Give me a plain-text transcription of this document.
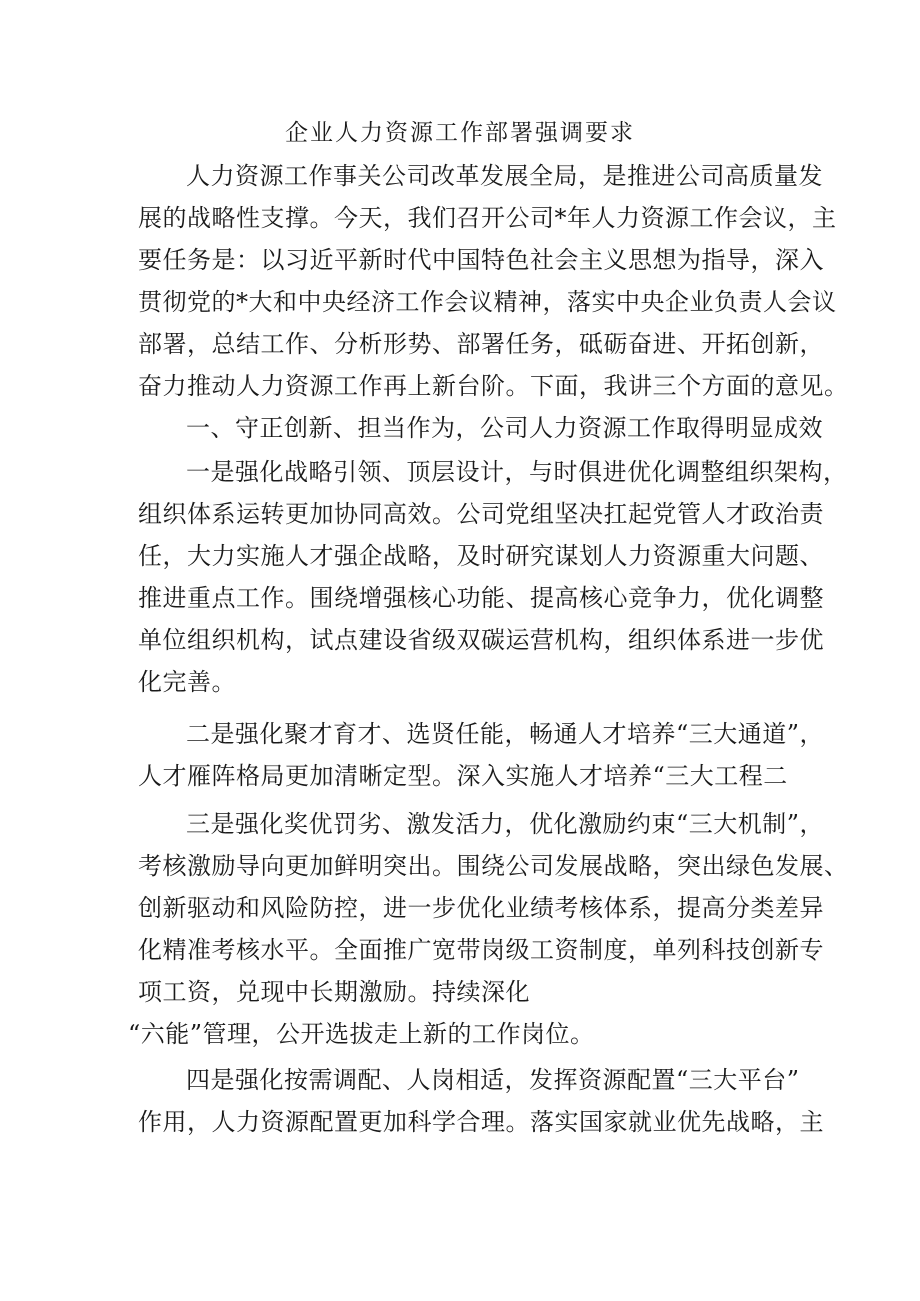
企业人力资源工作部署强调要求
人力资源工作事关公司改革发展全局，是推进公司高质量发
展的战略性支撑。今天，我们召开公司*年人力资源工作会议，主
要任务是：以习近平新时代中国特色社会主义思想为指导，深入
贯彻党的*大和中央经济工作会议精神，落实中央企业负责人会议
部署，总结工作、分析形势、部署任务，砥砺奋进、开拓创新，
奋力推动人力资源工作再上新台阶。下面，我讲三个方面的意见。
一、守正创新、担当作为，公司人力资源工作取得明显成效
一是强化战略引领、顶层设计，与时俱进优化调整组织架构，
组织体系运转更加协同高效。公司党组坚决扛起党管人才政治责
任，大力实施人才强企战略，及时研究谋划人力资源重大问题、
推进重点工作。围绕增强核心功能、提高核心竞争力，优化调整
单位组织机构，试点建设省级双碳运营机构，组织体系进一步优
化完善。
二是强化聚才育才、选贤任能，畅通人才培养“三大通道”，
人才雁阵格局更加清晰定型。深入实施人才培养“三大工程二
三是强化奖优罚劣、激发活力，优化激励约束“三大机制”，
考核激励导向更加鲜明突出。围绕公司发展战略，突出绿色发展、
创新驱动和风险防控，进一步优化业绩考核体系，提高分类差异
化精准考核水平。全面推广宽带岗级工资制度，单列科技创新专
项工资，兑现中长期激励。持续深化
“六能”管理，公开选拔走上新的工作岗位。
四是强化按需调配、人岗相适，发挥资源配置“三大平台”
作用，人力资源配置更加科学合理。落实国家就业优先战略，主
